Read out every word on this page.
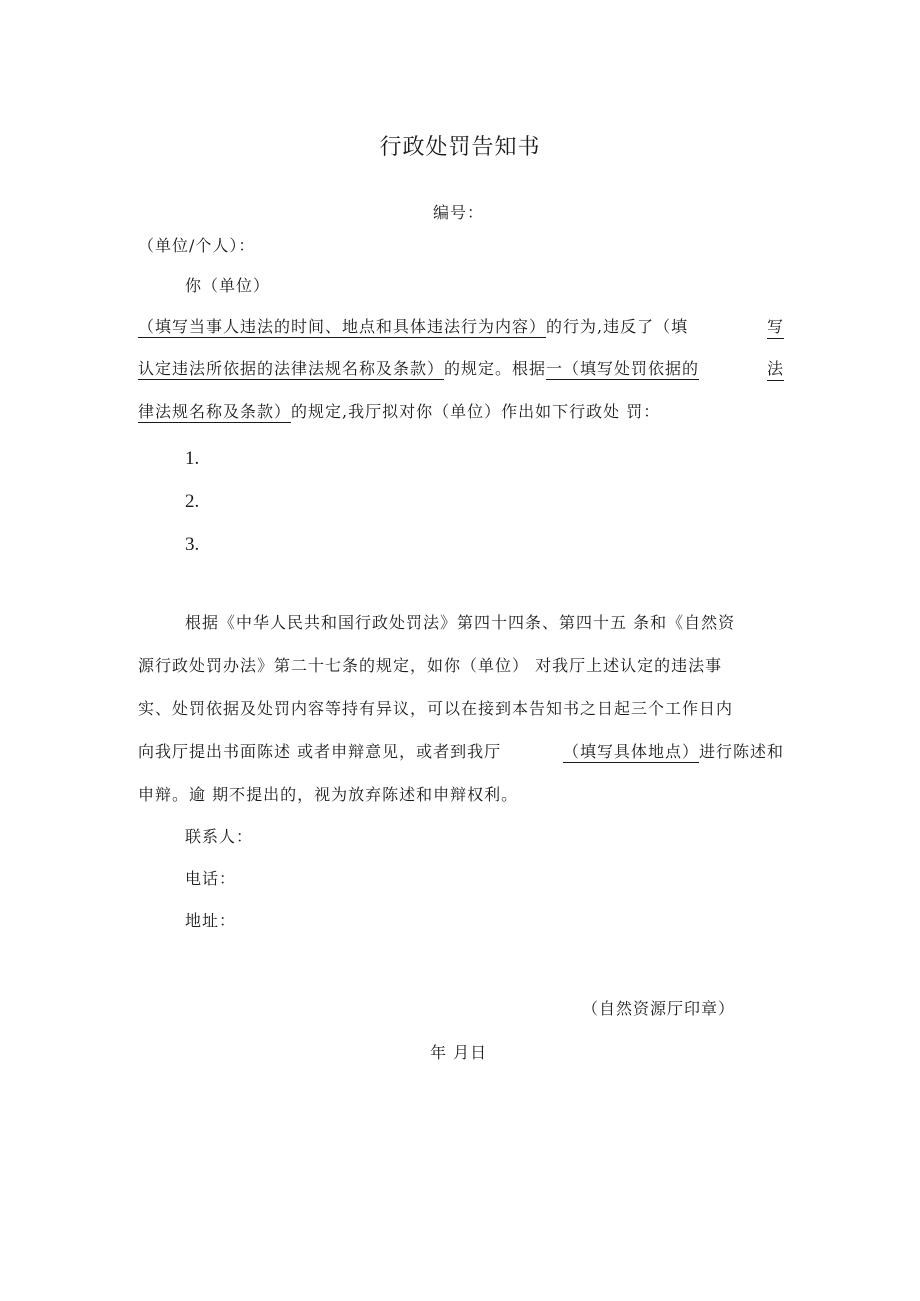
行政处罚告知书
编号：
（单位/个人）：
你（单位）
（填写当事人违法的时间、地点和具体违法行为内容）的行为,违反了（填	写
认定违法所依据的法律法规名称及条款）的规定。根据一（填写处罚依据的	法
律法规名称及条款）的规定,我厅拟对你（单位）作出如下行政处 罚：
1.
2.
3.
根据《中华人民共和国行政处罚法》第四十四条、第四十五 条和《自然资
源行政处罚办法》第二十七条的规定，如你（单位） 对我厅上述认定的违法事
实、处罚依据及处罚内容等持有异议，可以在接到本告知书之日起三个工作日内
向我厅提出书面陈述 或者申辩意见，或者到我厅	（填写具体地点）进行陈述和
申辩。逾 期不提出的，视为放弃陈述和申辩权利。
联系人：
电话：
地址：
（自然资源厅印章）
年 月日
